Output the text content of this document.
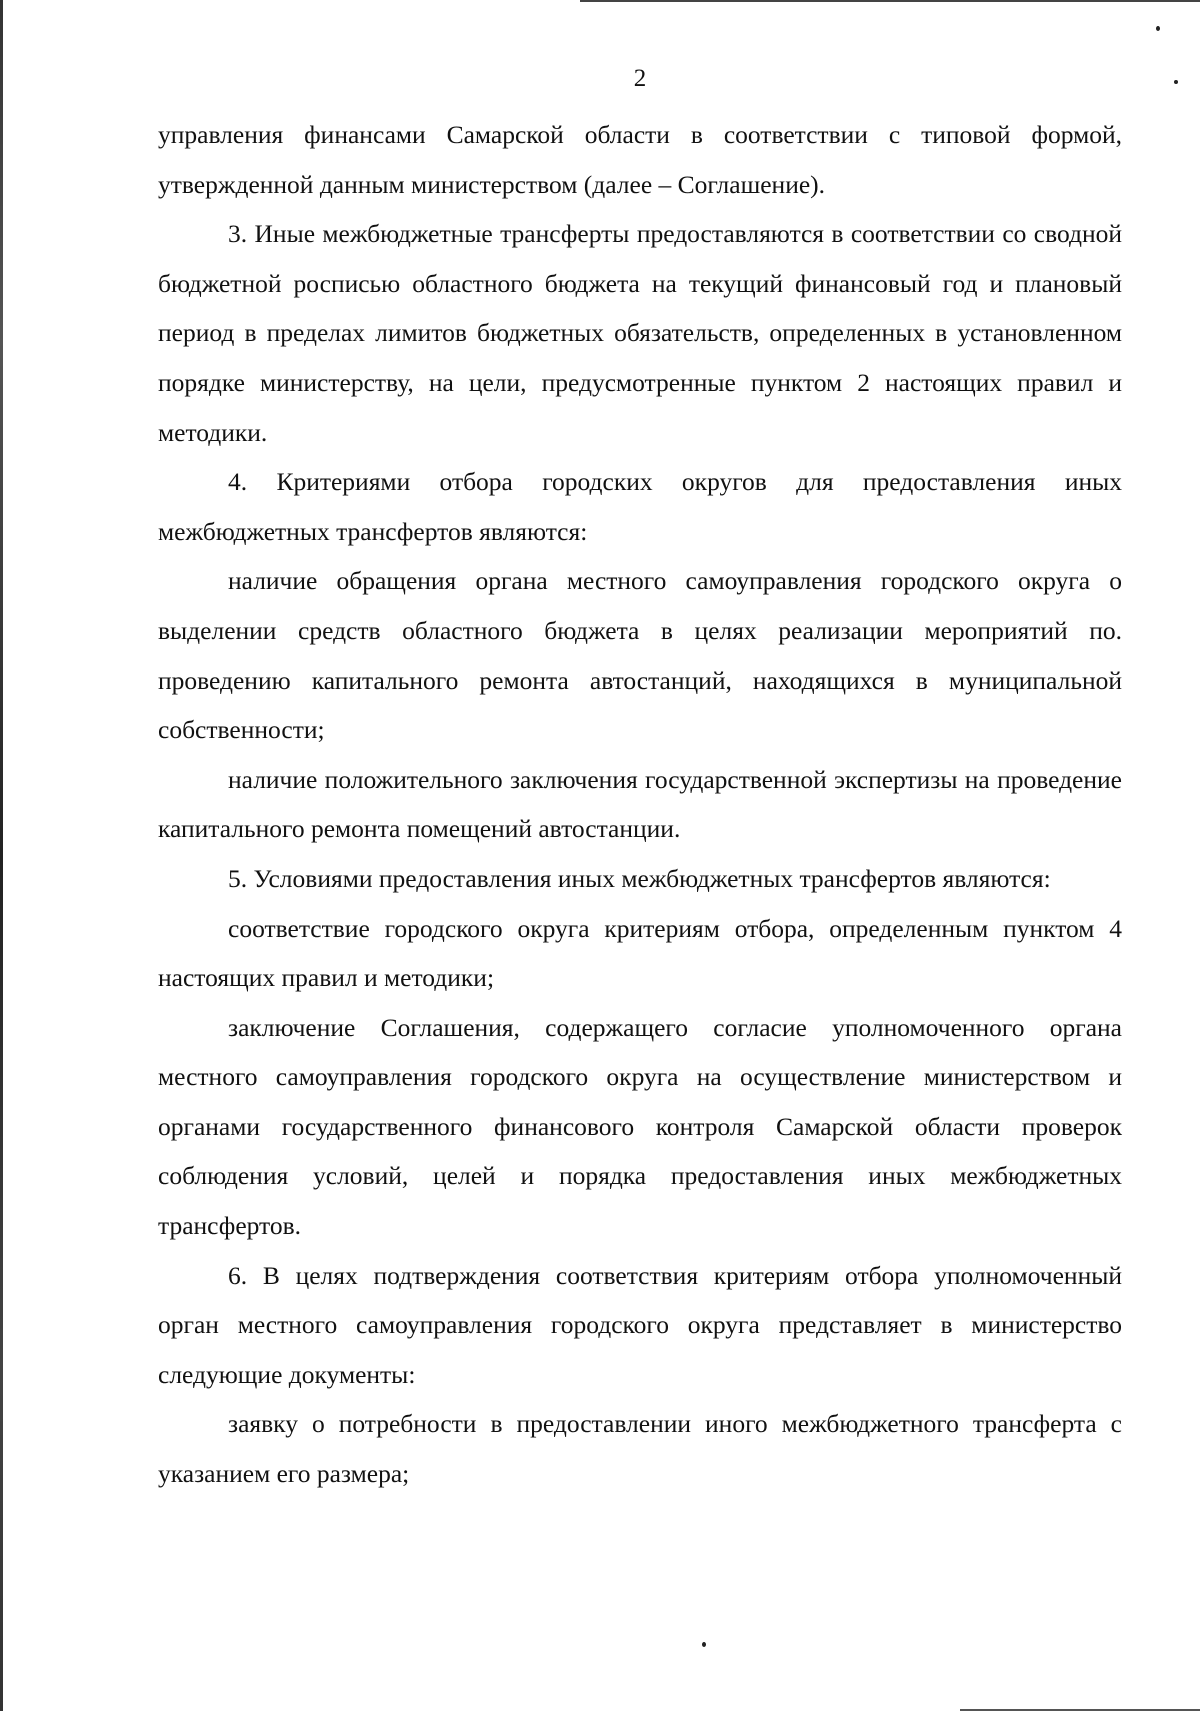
2

управления финансами Самарской области в соответствии с типовой формой, утвержденной данным министерством (далее – Соглашение).

3. Иные межбюджетные трансферты предоставляются в соответствии со сводной бюджетной росписью областного бюджета на текущий финансовый год и плановый период в пределах лимитов бюджетных обязательств, определенных в установленном порядке министерству, на цели, предусмотренные пунктом 2 настоящих правил и методики.

4. Критериями отбора городских округов для предоставления иных межбюджетных трансфертов являются:

наличие обращения органа местного самоуправления городского округа о выделении средств областного бюджета в целях реализации мероприятий по. проведению капитального ремонта автостанций, находящихся в муниципальной собственности;

наличие положительного заключения государственной экспертизы на проведение капитального ремонта помещений автостанции.

5. Условиями предоставления иных межбюджетных трансфертов являются:

соответствие городского округа критериям отбора, определенным пунктом 4 настоящих правил и методики;

заключение Соглашения, содержащего согласие уполномоченного органа местного самоуправления городского округа на осуществление министерством и органами государственного финансового контроля Самарской области проверок соблюдения условий, целей и порядка предоставления иных межбюджетных трансфертов.

6. В целях подтверждения соответствия критериям отбора уполномоченный орган местного самоуправления городского округа представляет в министерство следующие документы:

заявку о потребности в предоставлении иного межбюджетного трансферта с указанием его размера;
